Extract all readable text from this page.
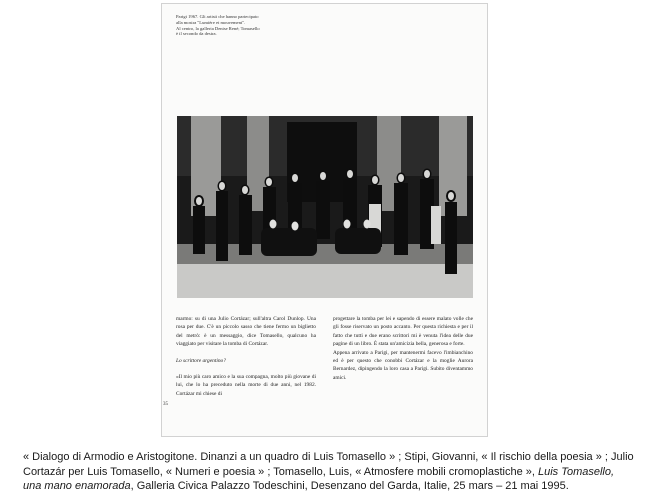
Parigi 1967. Gli artisti che hanno partecipato
alla mostra "Lumière et mouvement".
Al centro, la galleria Denise René; Tomasello
è il secondo da destra.

marmo: su di una Julio Cortázar; sull'altra Carol Dunlop. Una rosa per due. C'è un piccolo sasso che tiene fermo un biglietto del metrò: è un messaggio, dice Tomasello, qualcuno ha viaggiato per visitare la tomba di Cortázar.

Lo scrittore argentino?

«Il mio più caro amico e la sua compagna, molto più giovane di lui, che lo ha preceduto nella morte di due anni, nel 1982. Cortázar mi chiese di

progettare la tomba per lei e sapendo di essere malato volle che gli fosse riservato un posto accanto. Per questa richiesta e per il fatto che tutti e due erano scrittori mi è venuta l'idea delle due pagine di un libro. È stata un'amicizia bella, generosa e forte.

Appena arrivato a Parigi, per mantenermi facevo l'imbianchino ed è per questo che conobbi Cortázar e la moglie Aurora Bernardez, dipingendo la loro casa a Parigi. Subito diventammo amici.

35

« Dialogo di Armodio e Aristogitone. Dinanzi a un quadro di Luis Tomasello » ; Stipi, Giovanni, « Il rischio della poesia » ; Julio Cortazár per Luis Tomasello, « Numeri e poesia » ; Tomasello, Luis, « Atmosfere mobili cromoplastiche », Luis Tomasello, una mano enamorada, Galleria Civica Palazzo Todeschini, Desenzano del Garda, Italie, 25 mars – 21 mai 1995.
